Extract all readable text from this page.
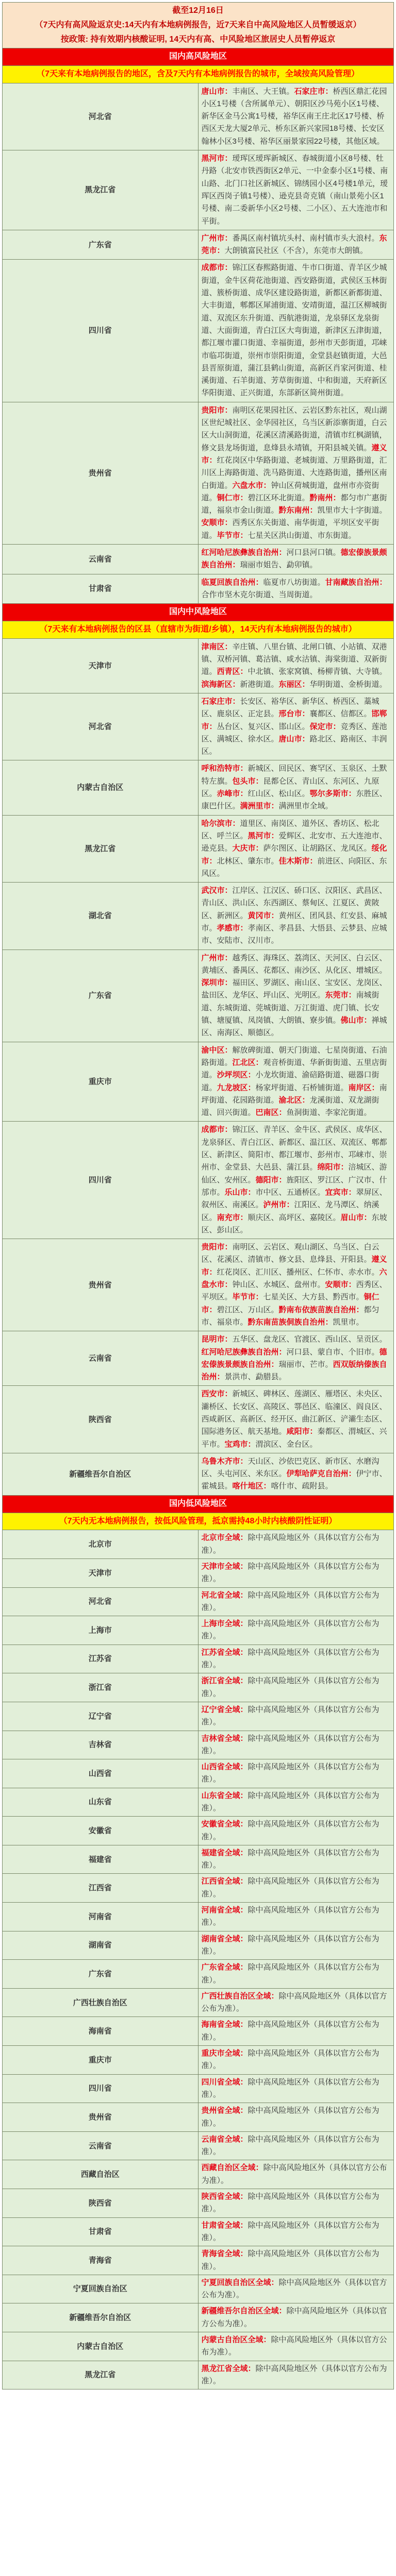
截至12月16日
（7天内有高风险返京史:14天内有本地病例报告，近7天来自中高风险地区人员暂缓返京）
按政策: 持有效期内核酸证明, 14天内有高、中风险地区旅居史人员暂停返京	

国内高风险地区	
（7天来有本地病例报告的地区，含及7天内有本地病例报告的城市，全域按高风险管理）	
河北省	唐山市：丰南区、大王镇。石家庄市：桥西区鼎汇花园小区1号楼（含所属单元）、朝阳区沙马苑小区1号楼、新华区金马公寓1号楼，裕华区南王庄北区17号楼、桥西区天龙大厦2单元、桥东区新兴家园18号楼、长安区翰林小区3号楼、裕华区丽景家园22号楼，其他区域。
黑龙江省	黑河市：瑷珲区瑷珲新城区、春城街道小区8号楼、牡丹路（北安市铁西街区2单元、一中金泰小区1号楼、南山路、北门口社区新城区、锦绣园小区4号楼1单元，瑷珲区西岗子镇1号楼）、逊克县奇克镇（南山景苑小区1号楼、南二委新华小区2号楼、二小区）、五大连池市和平街。
广东省	广州市：番禺区南村镇坑头村、南村镇市头大浪村。东莞市：大朗镇富民社区（不含），东莞市大朗镇。
四川省	成都市：锦江区春熙路街道、牛市口街道、青羊区少城街道，金牛区荷花池街道、西安路街道，武侯区玉林街道、簇桥街道、成华区建设路街道，新都区新都街道、大丰街道，郫都区犀浦街道、安靖街道，温江区柳城街道、双流区东升街道、西航港街道，龙泉驿区龙泉街道、大面街道，青白江区大弯街道，新津区五津街道，都江堰市灌口街道、幸福街道，彭州市天彭街道，邛崃市临邛街道，崇州市崇阳街道，金堂县赵镇街道，大邑县晋原街道，蒲江县鹤山街道，高新区肖家河街道、桂溪街道、石羊街道、芳草街街道、中和街道，天府新区华阳街道、正兴街道，东部新区简州街道。
贵州省	贵阳市：南明区花果园社区、云岩区黔东社区，观山湖区世纪城社区、金华园社区，乌当区新添寨街道，白云区大山洞街道，花溪区清溪路街道，清镇市红枫湖镇，修文县龙场街道，息烽县永靖镇，开阳县城关镇。遵义市：红花岗区中华路街道、老城街道、万里路街道，汇川区上海路街道、洗马路街道、大连路街道，播州区南白街道。六盘水市：钟山区荷城街道，盘州市亦资街道。铜仁市：碧江区环北街道。黔南州：都匀市广惠街道，福泉市金山街道。黔东南州：凯里市大十字街道。安顺市：西秀区东关街道、南华街道，平坝区安平街道。毕节市：七星关区洪山街道、市东街道。
云南省	红河哈尼族彝族自治州：河口县河口镇。德宏傣族景颇族自治州：瑞丽市姐告、勐卯镇。
甘肃省	临夏回族自治州：临夏市八坊街道。甘南藏族自治州：合作市坚木克尔街道、当周街道。
国内中风险地区	
（7天来有本地病例报告的区县（直辖市为街道/乡镇），14天内有本地病例报告的城市）	
天津市	津南区：辛庄镇、八里台镇、北闸口镇、小站镇、双港镇、双桥河镇、葛沽镇、咸水沽镇、海棠街道、双新街道。西青区：中北镇、张家窝镇、杨柳青镇、大寺镇。滨海新区：新港街道。东丽区：华明街道、金桥街道。
河北省	石家庄市：长安区、裕华区、新华区、桥西区、藁城区、鹿泉区、正定县。邢台市：襄都区、信都区。邯郸市：丛台区、复兴区、邯山区。保定市：竞秀区、莲池区、满城区、徐水区。唐山市：路北区、路南区、丰润区。
内蒙古自治区	呼和浩特市：新城区、回民区、赛罕区、玉泉区、土默特左旗。包头市：昆都仑区、青山区、东河区、九原区。赤峰市：红山区、松山区。鄂尔多斯市：东胜区、康巴什区。满洲里市：满洲里市全域。
黑龙江省	哈尔滨市：道里区、南岗区、道外区、香坊区、松北区、呼兰区。黑河市：爱辉区、北安市、五大连池市、逊克县。大庆市：萨尔图区、让胡路区、龙凤区。绥化市：北林区、肇东市。佳木斯市：前进区、向阳区、东风区。
湖北省	武汉市：江岸区、江汉区、硚口区、汉阳区、武昌区、青山区、洪山区、东西湖区、蔡甸区、江夏区、黄陂区、新洲区。黄冈市：黄州区、团风县、红安县、麻城市。孝感市：孝南区、孝昌县、大悟县、云梦县、应城市、安陆市、汉川市。
广东省	广州市：越秀区、海珠区、荔湾区、天河区、白云区、黄埔区、番禺区、花都区、南沙区、从化区、增城区。深圳市：福田区、罗湖区、南山区、宝安区、龙岗区、盐田区、龙华区、坪山区、光明区。东莞市：南城街道、东城街道、莞城街道、万江街道、虎门镇、长安镇、塘厦镇、凤岗镇、大朗镇、寮步镇。佛山市：禅城区、南海区、顺德区。
重庆市	渝中区：解放碑街道、朝天门街道、七星岗街道、石油路街道。江北区：观音桥街道、华新街街道、五里店街道。沙坪坝区：小龙坎街道、渝碚路街道、磁器口街道。九龙坡区：杨家坪街道、石桥铺街道。南岸区：南坪街道、花园路街道。渝北区：龙溪街道、双龙湖街道、回兴街道。巴南区：鱼洞街道、李家沱街道。
四川省	成都市：锦江区、青羊区、金牛区、武侯区、成华区、龙泉驿区、青白江区、新都区、温江区、双流区、郫都区、新津区、简阳市、都江堰市、彭州市、邛崃市、崇州市、金堂县、大邑县、蒲江县。绵阳市：涪城区、游仙区、安州区。德阳市：旌阳区、罗江区、广汉市、什邡市。乐山市：市中区、五通桥区。宜宾市：翠屏区、叙州区、南溪区。泸州市：江阳区、龙马潭区、纳溪区。南充市：顺庆区、高坪区、嘉陵区。眉山市：东坡区、彭山区。
贵州省	贵阳市：南明区、云岩区、观山湖区、乌当区、白云区、花溪区、清镇市、修文县、息烽县、开阳县。遵义市：红花岗区、汇川区、播州区、仁怀市、赤水市。六盘水市：钟山区、水城区、盘州市。安顺市：西秀区、平坝区。毕节市：七星关区、大方县、黔西市。铜仁市：碧江区、万山区。黔南布依族苗族自治州：都匀市、福泉市。黔东南苗族侗族自治州：凯里市。
云南省	昆明市：五华区、盘龙区、官渡区、西山区、呈贡区。红河哈尼族彝族自治州：河口县、蒙自市、个旧市。德宏傣族景颇族自治州：瑞丽市、芒市。西双版纳傣族自治州：景洪市、勐腊县。
陕西省	西安市：新城区、碑林区、莲湖区、雁塔区、未央区、灞桥区、长安区、高陵区、鄠邑区、临潼区、阎良区、西咸新区、高新区、经开区、曲江新区、浐灞生态区、国际港务区、航天基地。咸阳市：秦都区、渭城区、兴平市。宝鸡市：渭滨区、金台区。
新疆维吾尔自治区	乌鲁木齐市：天山区、沙依巴克区、新市区、水磨沟区、头屯河区、米东区。伊犁哈萨克自治州：伊宁市、霍城县。喀什地区：喀什市、疏附县。
国内低风险地区	
（7天内无本地病例报告，按低风险管理，抵京需持48小时内核酸阴性证明）	
北京市	北京市全域：除中高风险地区外（具体以官方公布为准）。
天津市	天津市全域：除中高风险地区外（具体以官方公布为准）。
河北省	河北省全域：除中高风险地区外（具体以官方公布为准）。
上海市	上海市全域：除中高风险地区外（具体以官方公布为准）。
江苏省	江苏省全域：除中高风险地区外（具体以官方公布为准）。
浙江省	浙江省全域：除中高风险地区外（具体以官方公布为准）。
辽宁省	辽宁省全域：除中高风险地区外（具体以官方公布为准）。
吉林省	吉林省全域：除中高风险地区外（具体以官方公布为准）。
山西省	山西省全域：除中高风险地区外（具体以官方公布为准）。
山东省	山东省全域：除中高风险地区外（具体以官方公布为准）。
安徽省	安徽省全域：除中高风险地区外（具体以官方公布为准）。
福建省	福建省全域：除中高风险地区外（具体以官方公布为准）。
江西省	江西省全域：除中高风险地区外（具体以官方公布为准）。
河南省	河南省全域：除中高风险地区外（具体以官方公布为准）。
湖南省	湖南省全域：除中高风险地区外（具体以官方公布为准）。
广东省	广东省全域：除中高风险地区外（具体以官方公布为准）。
广西壮族自治区	广西壮族自治区全域：除中高风险地区外（具体以官方公布为准）。
海南省	海南省全域：除中高风险地区外（具体以官方公布为准）。
重庆市	重庆市全域：除中高风险地区外（具体以官方公布为准）。
四川省	四川省全域：除中高风险地区外（具体以官方公布为准）。
贵州省	贵州省全域：除中高风险地区外（具体以官方公布为准）。
云南省	云南省全域：除中高风险地区外（具体以官方公布为准）。
西藏自治区	西藏自治区全域：除中高风险地区外（具体以官方公布为准）。
陕西省	陕西省全域：除中高风险地区外（具体以官方公布为准）。
甘肃省	甘肃省全域：除中高风险地区外（具体以官方公布为准）。
青海省	青海省全域：除中高风险地区外（具体以官方公布为准）。
宁夏回族自治区	宁夏回族自治区全域：除中高风险地区外（具体以官方公布为准）。
新疆维吾尔自治区	新疆维吾尔自治区全域：除中高风险地区外（具体以官方公布为准）。
内蒙古自治区	内蒙古自治区全域：除中高风险地区外（具体以官方公布为准）。
黑龙江省	黑龙江省全域：除中高风险地区外（具体以官方公布为准）。
